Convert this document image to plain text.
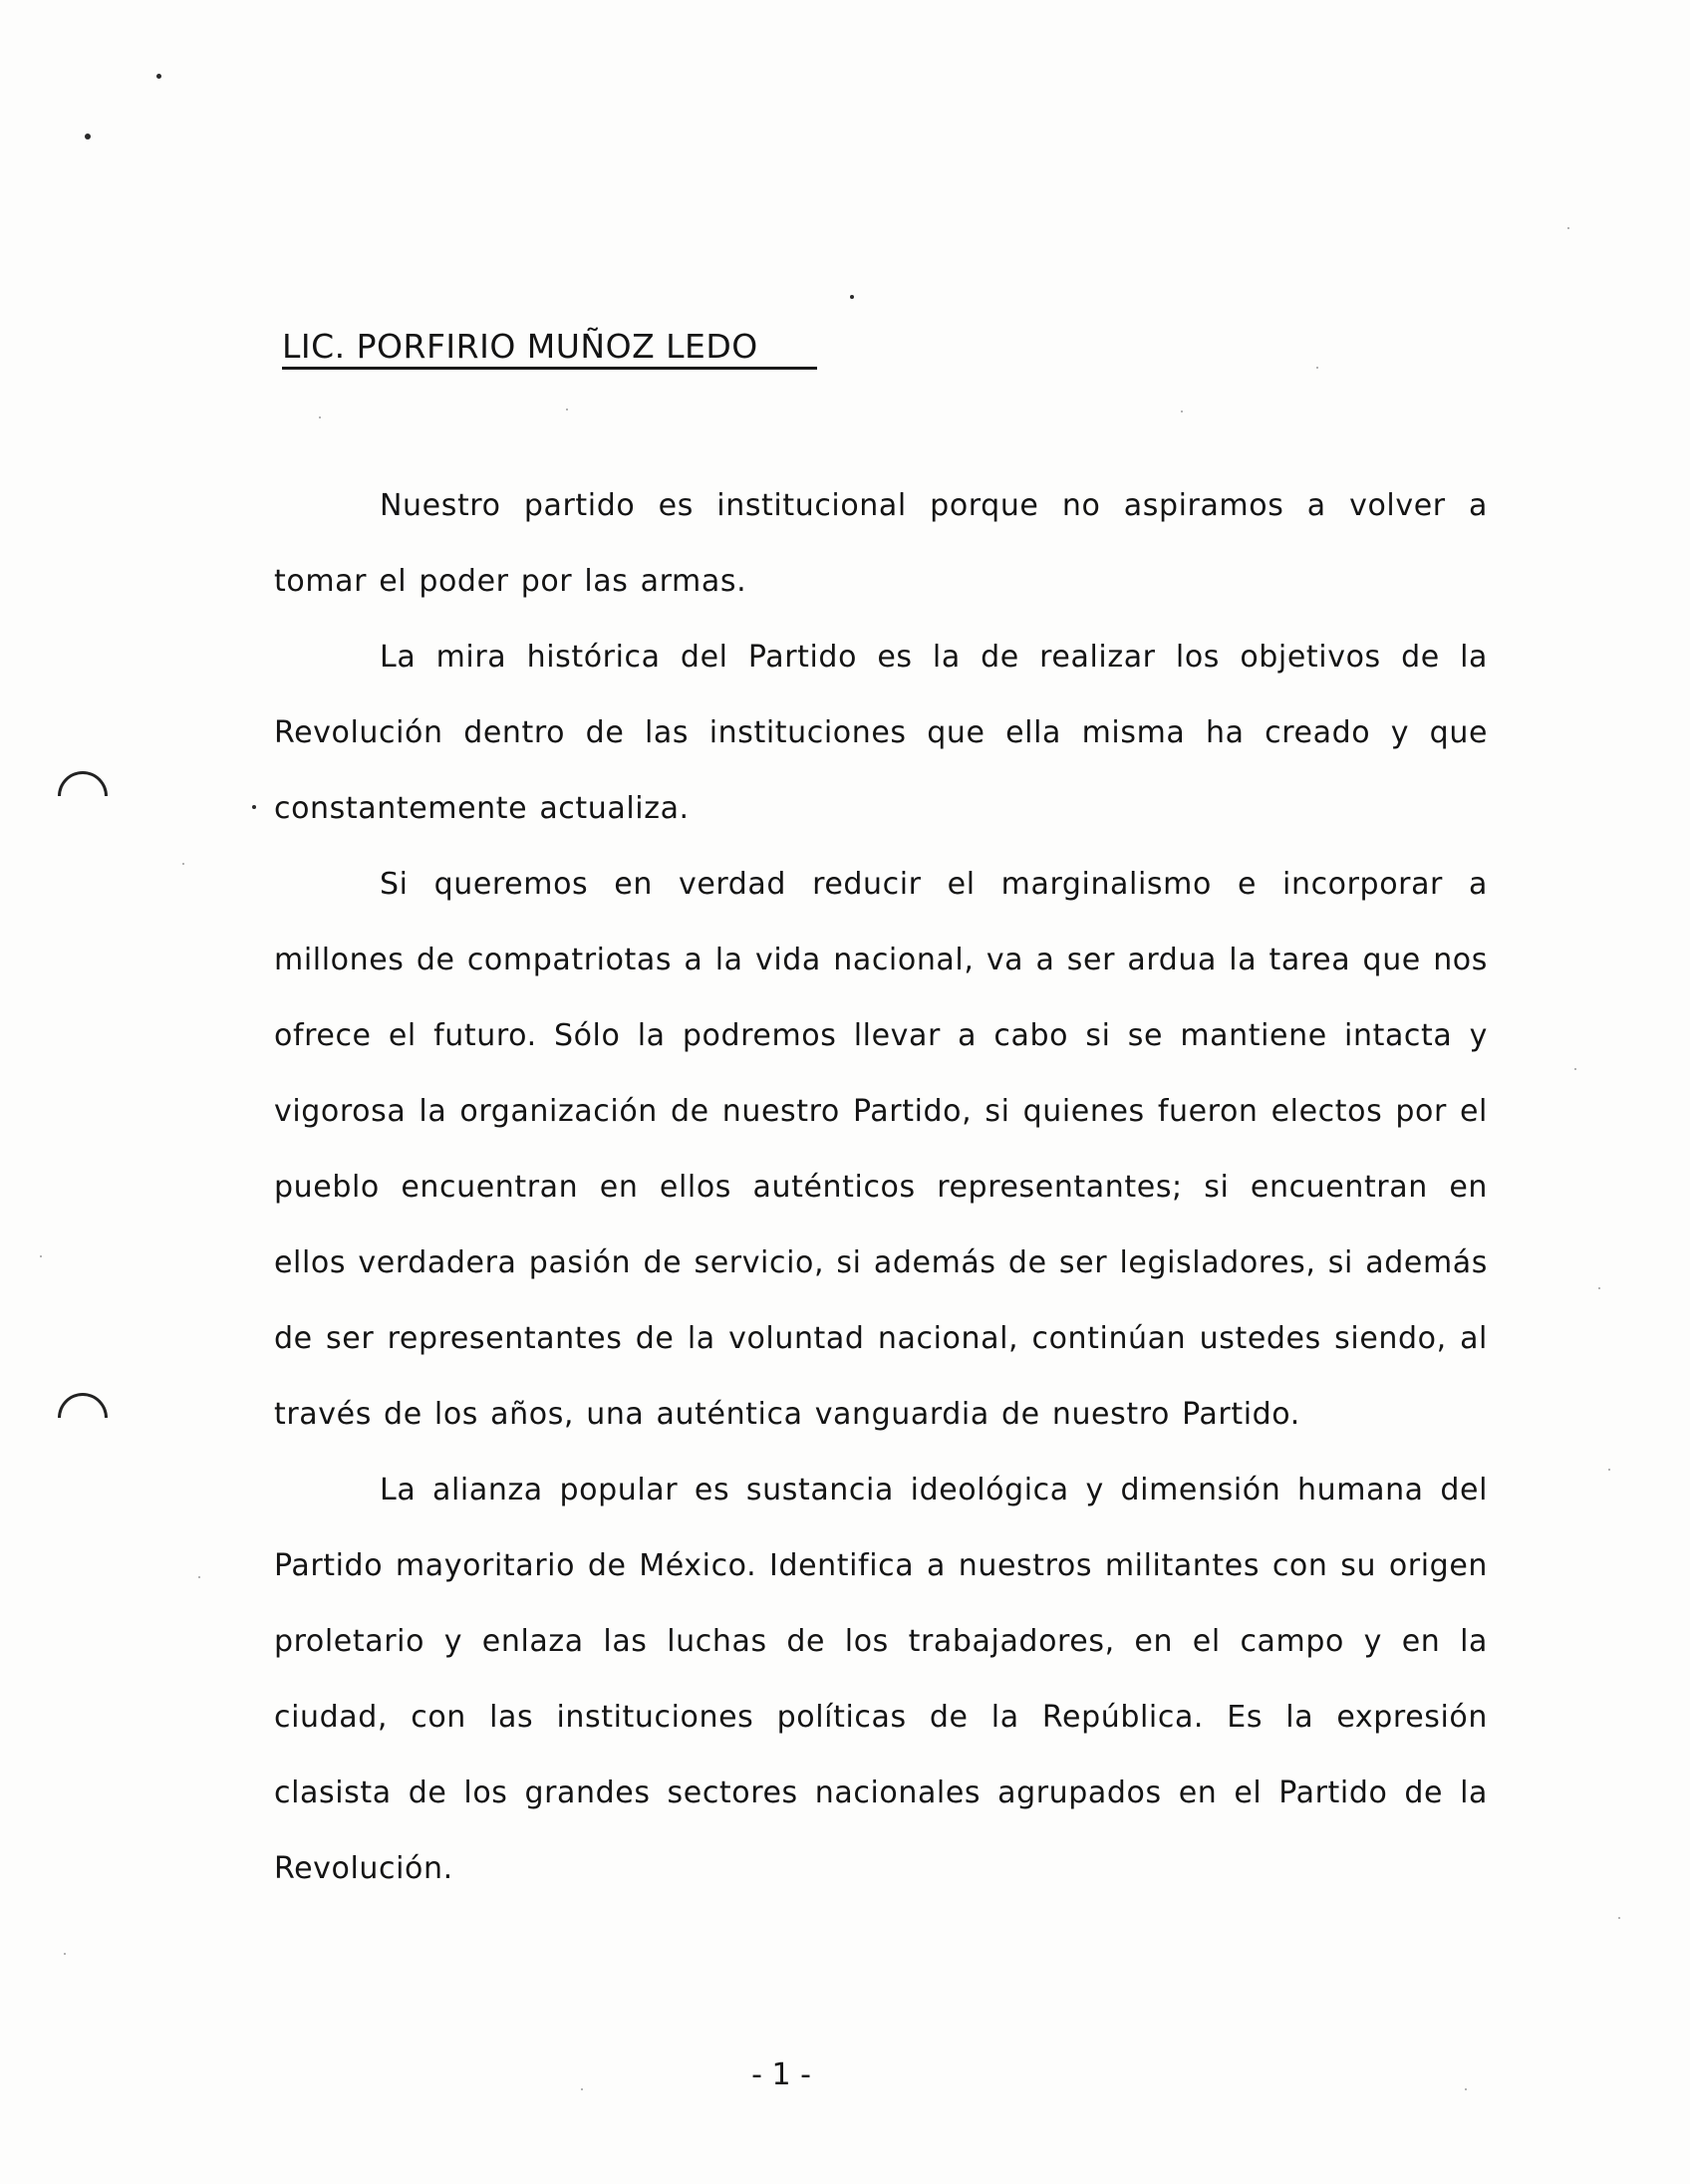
LIC. PORFIRIO MUÑOZ LEDO

Nuestro partido es institucional porque no aspiramos a volver a tomar el poder por las armas.

La mira histórica del Partido es la de realizar los objetivos de la Revolución dentro de las instituciones que ella misma ha creado y que constantemente actualiza.

Si queremos en verdad reducir el marginalismo e incorporar a millones de compatriotas a la vida nacional, va a ser ardua la tarea que nos ofrece el futuro. Sólo la podremos llevar a cabo si se mantiene intacta y vigorosa la organización de nuestro Partido, si quienes fueron electos por el pueblo encuentran en ellos auténticos representantes; si encuentran en ellos verdadera pasión de servicio, si además de ser legisladores, si además de ser representantes de la voluntad nacional, continúan ustedes siendo, al través de los años, una auténtica vanguardia de nuestro Partido.

La alianza popular es sustancia ideológica y dimensión humana del Partido mayoritario de México. Identifica a nuestros militantes con su origen proletario y enlaza las luchas de los trabajadores, en el campo y en la ciudad, con las instituciones políticas de la República. Es la expresión clasista de los grandes sectores nacionales agrupados en el Partido de la Revolución.

- 1 -
